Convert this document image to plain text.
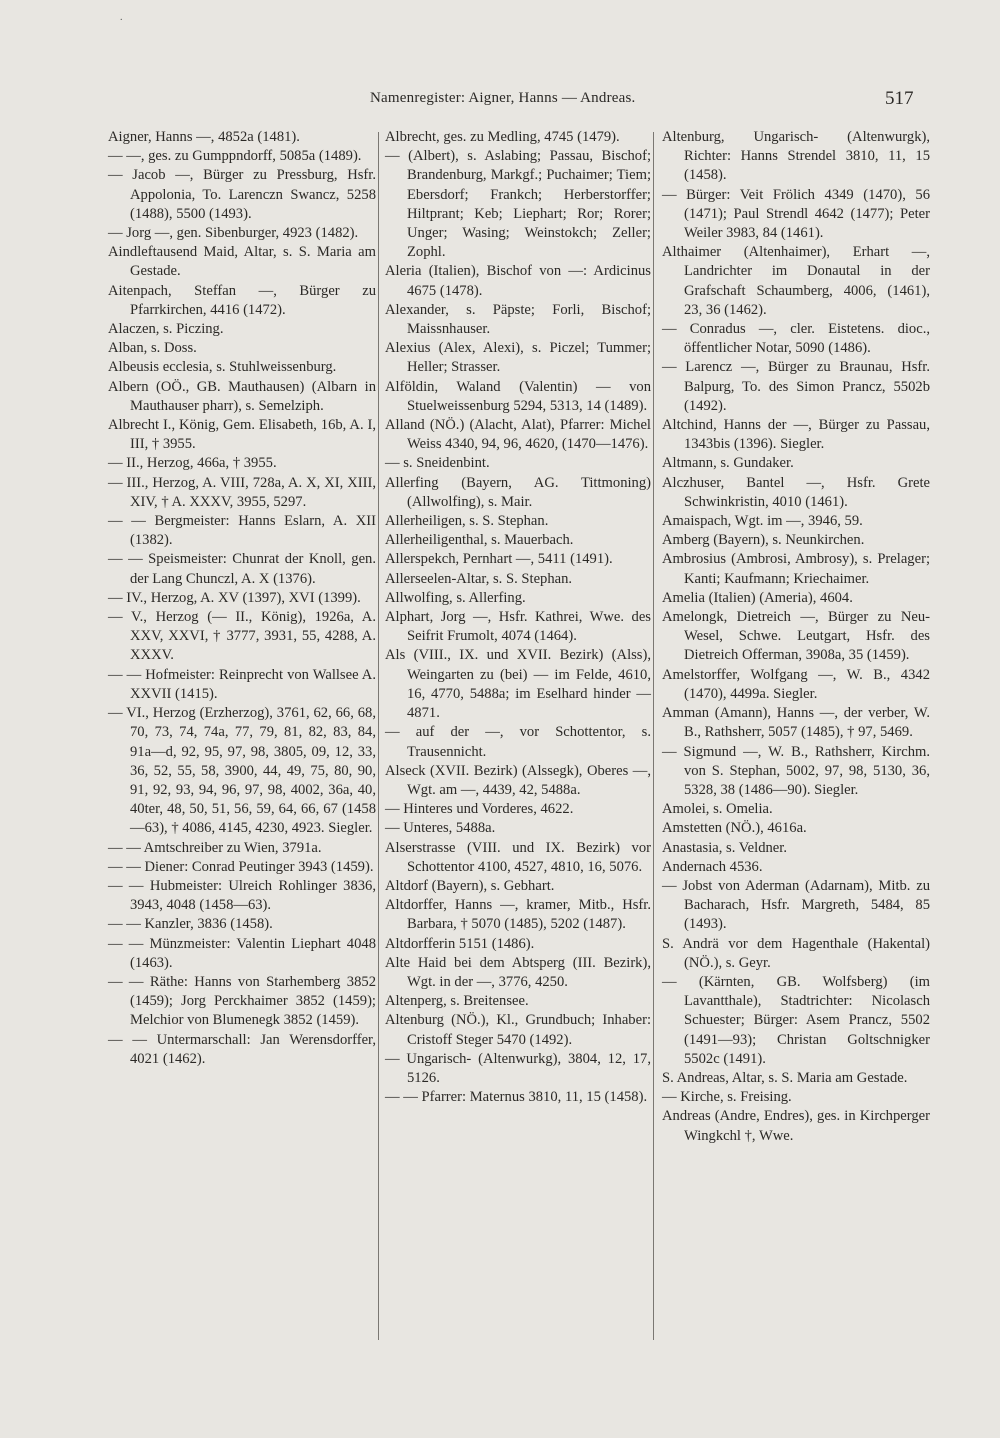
.
Namenregister: Aigner, Hanns — Andreas.	517

Aigner, Hanns —, 4852a (1481).

— —, ges. zu Gumppndorff, 5085a (1489).

— Jacob —, Bürger zu Pressburg, Hsfr. Appolonia, To. Larenczn Swancz, 5258 (1488), 5500 (1493).

— Jorg —, gen. Sibenburger, 4923 (1482).

Aindleftausend Maid, Altar, s. S. Maria am Gestade.

Aitenpach, Steffan —, Bürger zu Pfarrkirchen, 4416 (1472).

Alaczen, s. Piczing.

Alban, s. Doss.

Albeusis ecclesia, s. Stuhlweissenburg.

Albern (OÖ., GB. Mauthausen) (Albarn in Mauthauser pharr), s. Semelziph.

Albrecht I., König, Gem. Elisabeth, 16b, A. I, III, † 3955.

— II., Herzog, 466a, † 3955.

— III., Herzog, A. VIII, 728a, A. X, XI, XIII, XIV, † A. XXXV, 3955, 5297.

— — Bergmeister: Hanns Eslarn, A. XII (1382).

— — Speismeister: Chunrat der Knoll, gen. der Lang Chunczl, A. X (1376).

— IV., Herzog, A. XV (1397), XVI (1399).

— V., Herzog (— II., König), 1926a, A. XXV, XXVI, † 3777, 3931, 55, 4288, A. XXXV.

— — Hofmeister: Reinprecht von Wallsee A. XXVII (1415).

— VI., Herzog (Erzherzog), 3761, 62, 66, 68, 70, 73, 74, 74a, 77, 79, 81, 82, 83, 84, 91a—d, 92, 95, 97, 98, 3805, 09, 12, 33, 36, 52, 55, 58, 3900, 44, 49, 75, 80, 90, 91, 92, 93, 94, 96, 97, 98, 4002, 36a, 40, 40ter, 48, 50, 51, 56, 59, 64, 66, 67 (1458—63), † 4086, 4145, 4230, 4923. Siegler.

— — Amtschreiber zu Wien, 3791a.

— — Diener: Conrad Peutinger 3943 (1459).

— — Hubmeister: Ulreich Rohlinger 3836, 3943, 4048 (1458—63).

— — Kanzler, 3836 (1458).

— — Münzmeister: Valentin Liephart 4048 (1463).

— — Räthe: Hanns von Starhemberg 3852 (1459); Jorg Perckhaimer 3852 (1459); Melchior von Blumenegk 3852 (1459).

— — Untermarschall: Jan Werensdorffer, 4021 (1462).

Albrecht, ges. zu Medling, 4745 (1479).

— (Albert), s. Aslabing; Passau, Bischof; Brandenburg, Markgf.; Puchaimer; Tiem; Ebersdorf; Frankch; Herberstorffer; Hiltprant; Keb; Liephart; Ror; Rorer; Unger; Wasing; Weinstokch; Zeller; Zophl.

Aleria (Italien), Bischof von —: Ardicinus 4675 (1478).

Alexander, s. Päpste; Forli, Bischof; Maissnhauser.

Alexius (Alex, Alexi), s. Piczel; Tummer; Heller; Strasser.

Alföldin, Waland (Valentin) — von Stuelweissenburg 5294, 5313, 14 (1489).

Alland (NÖ.) (Alacht, Alat), Pfarrer: Michel Weiss 4340, 94, 96, 4620, (1470—1476).

— s. Sneidenbint.

Allerfing (Bayern, AG. Tittmoning) (Allwolfing), s. Mair.

Allerheiligen, s. S. Stephan.

Allerheiligenthal, s. Mauerbach.

Allerspekch, Pernhart —, 5411 (1491).

Allerseelen-Altar, s. S. Stephan.

Allwolfing, s. Allerfing.

Alphart, Jorg —, Hsfr. Kathrei, Wwe. des Seifrit Frumolt, 4074 (1464).

Als (VIII., IX. und XVII. Bezirk) (Alss), Weingarten zu (bei) — im Felde, 4610, 16, 4770, 5488a; im Eselhard hinder — 4871.

— auf der —, vor Schottentor, s. Trausennicht.

Alseck (XVII. Bezirk) (Alssegk), Oberes —, Wgt. am —, 4439, 42, 5488a.

— Hinteres und Vorderes, 4622.

— Unteres, 5488a.

Alserstrasse (VIII. und IX. Bezirk) vor Schottentor 4100, 4527, 4810, 16, 5076.

Altdorf (Bayern), s. Gebhart.

Altdorffer, Hanns —, kramer, Mitb., Hsfr. Barbara, † 5070 (1485), 5202 (1487).

Altdorfferin 5151 (1486).

Alte Haid bei dem Abtsperg (III. Bezirk), Wgt. in der —, 3776, 4250.

Altenperg, s. Breitensee.

Altenburg (NÖ.), Kl., Grundbuch; Inhaber: Cristoff Steger 5470 (1492).

— Ungarisch- (Altenwurkg), 3804, 12, 17, 5126.

— — Pfarrer: Maternus 3810, 11, 15 (1458).

Altenburg, Ungarisch- (Altenwurgk), Richter: Hanns Strendel 3810, 11, 15 (1458).

— Bürger: Veit Frölich 4349 (1470), 56 (1471); Paul Strendl 4642 (1477); Peter Weiler 3983, 84 (1461).

Althaimer (Altenhaimer), Erhart —, Landrichter im Donautal in der Grafschaft Schaumberg, 4006, (1461), 23, 36 (1462).

— Conradus —, cler. Eistetens. dioc., öffentlicher Notar, 5090 (1486).

— Larencz —, Bürger zu Braunau, Hsfr. Balpurg, To. des Simon Prancz, 5502b (1492).

Altchind, Hanns der —, Bürger zu Passau, 1343bis (1396). Siegler.

Altmann, s. Gundaker.

Alczhuser, Bantel —, Hsfr. Grete Schwinkristin, 4010 (1461).

Amaispach, Wgt. im —, 3946, 59.

Amberg (Bayern), s. Neunkirchen.

Ambrosius (Ambrosi, Ambrosy), s. Prelager; Kanti; Kaufmann; Kriechaimer.

Amelia (Italien) (Ameria), 4604.

Amelongk, Dietreich —, Bürger zu Neu-Wesel, Schwe. Leutgart, Hsfr. des Dietreich Offerman, 3908a, 35 (1459).

Amelstorffer, Wolfgang —, W. B., 4342 (1470), 4499a. Siegler.

Amman (Amann), Hanns —, der verber, W. B., Rathsherr, 5057 (1485), † 97, 5469.

— Sigmund —, W. B., Rathsherr, Kirchm. von S. Stephan, 5002, 97, 98, 5130, 36, 5328, 38 (1486—90). Siegler.

Amolei, s. Omelia.

Amstetten (NÖ.), 4616a.

Anastasia, s. Veldner.

Andernach 4536.

— Jobst von Aderman (Adarnam), Mitb. zu Bacharach, Hsfr. Margreth, 5484, 85 (1493).

S. Andrä vor dem Hagenthale (Hakental) (NÖ.), s. Geyr.

— (Kärnten, GB. Wolfsberg) (im Lavantthale), Stadtrichter: Nicolasch Schuester; Bürger: Asem Prancz, 5502 (1491—93); Christan Goltschnigker 5502c (1491).

S. Andreas, Altar, s. S. Maria am Gestade.

— Kirche, s. Freising.

Andreas (Andre, Endres), ges. in Kirchperger Wingkchl †, Wwe.
